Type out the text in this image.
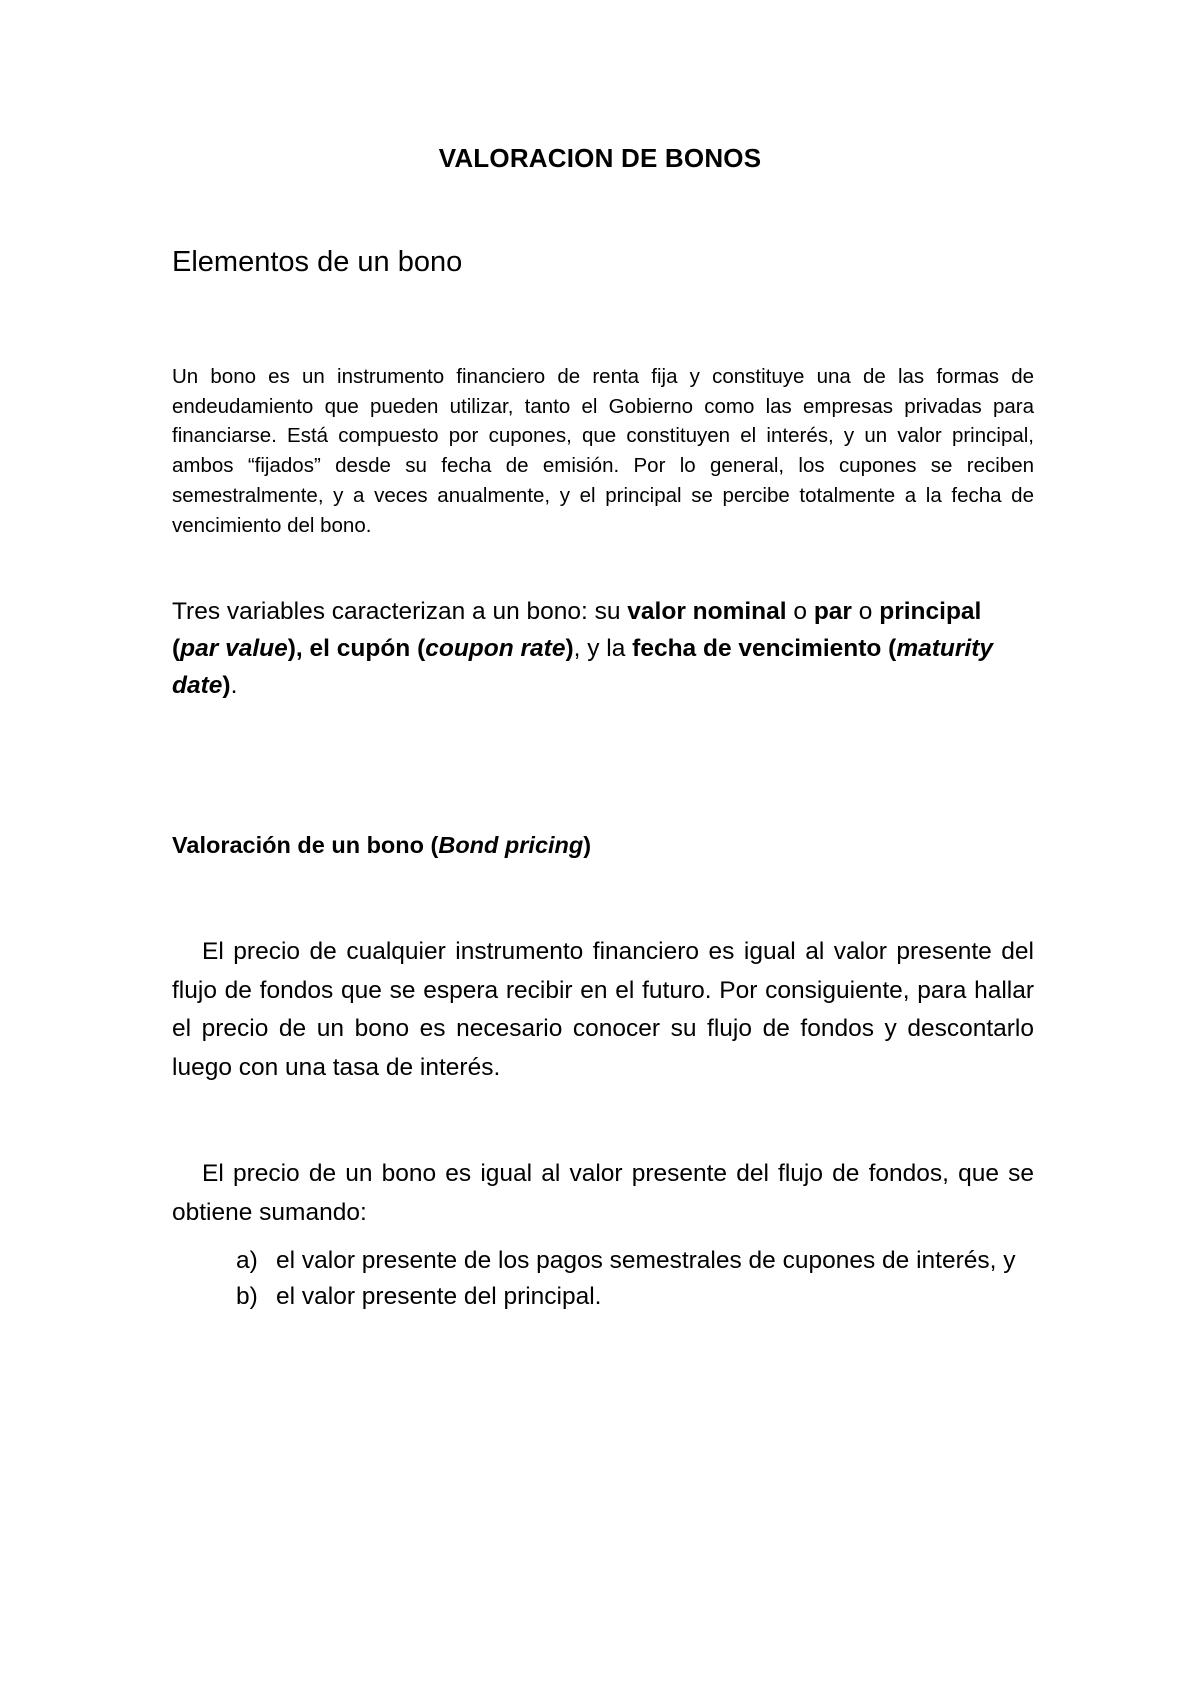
VALORACION DE BONOS
Elementos de un bono
Un bono es un instrumento financiero de renta fija y constituye una de las formas de endeudamiento que pueden utilizar, tanto el Gobierno como las empresas privadas para financiarse. Está compuesto por cupones, que constituyen el interés, y un valor principal, ambos “fijados” desde su fecha de emisión. Por lo general, los cupones se reciben semestralmente, y a veces anualmente, y el principal se percibe totalmente a la fecha de vencimiento del bono.
Tres variables caracterizan a un bono: su valor nominal o par o principal (par value), el cupón (coupon rate), y la fecha de vencimiento (maturity date).
Valoración de un bono (Bond pricing)
El precio de cualquier instrumento financiero es igual al valor presente del flujo de fondos que se espera recibir en el futuro. Por consiguiente, para hallar el precio de un bono es necesario conocer su flujo de fondos y descontarlo luego con una tasa de interés.
El precio de un bono es igual al valor presente del flujo de fondos, que se obtiene sumando:
a) el valor presente de los pagos semestrales de cupones de interés, y
b) el valor presente del principal.
